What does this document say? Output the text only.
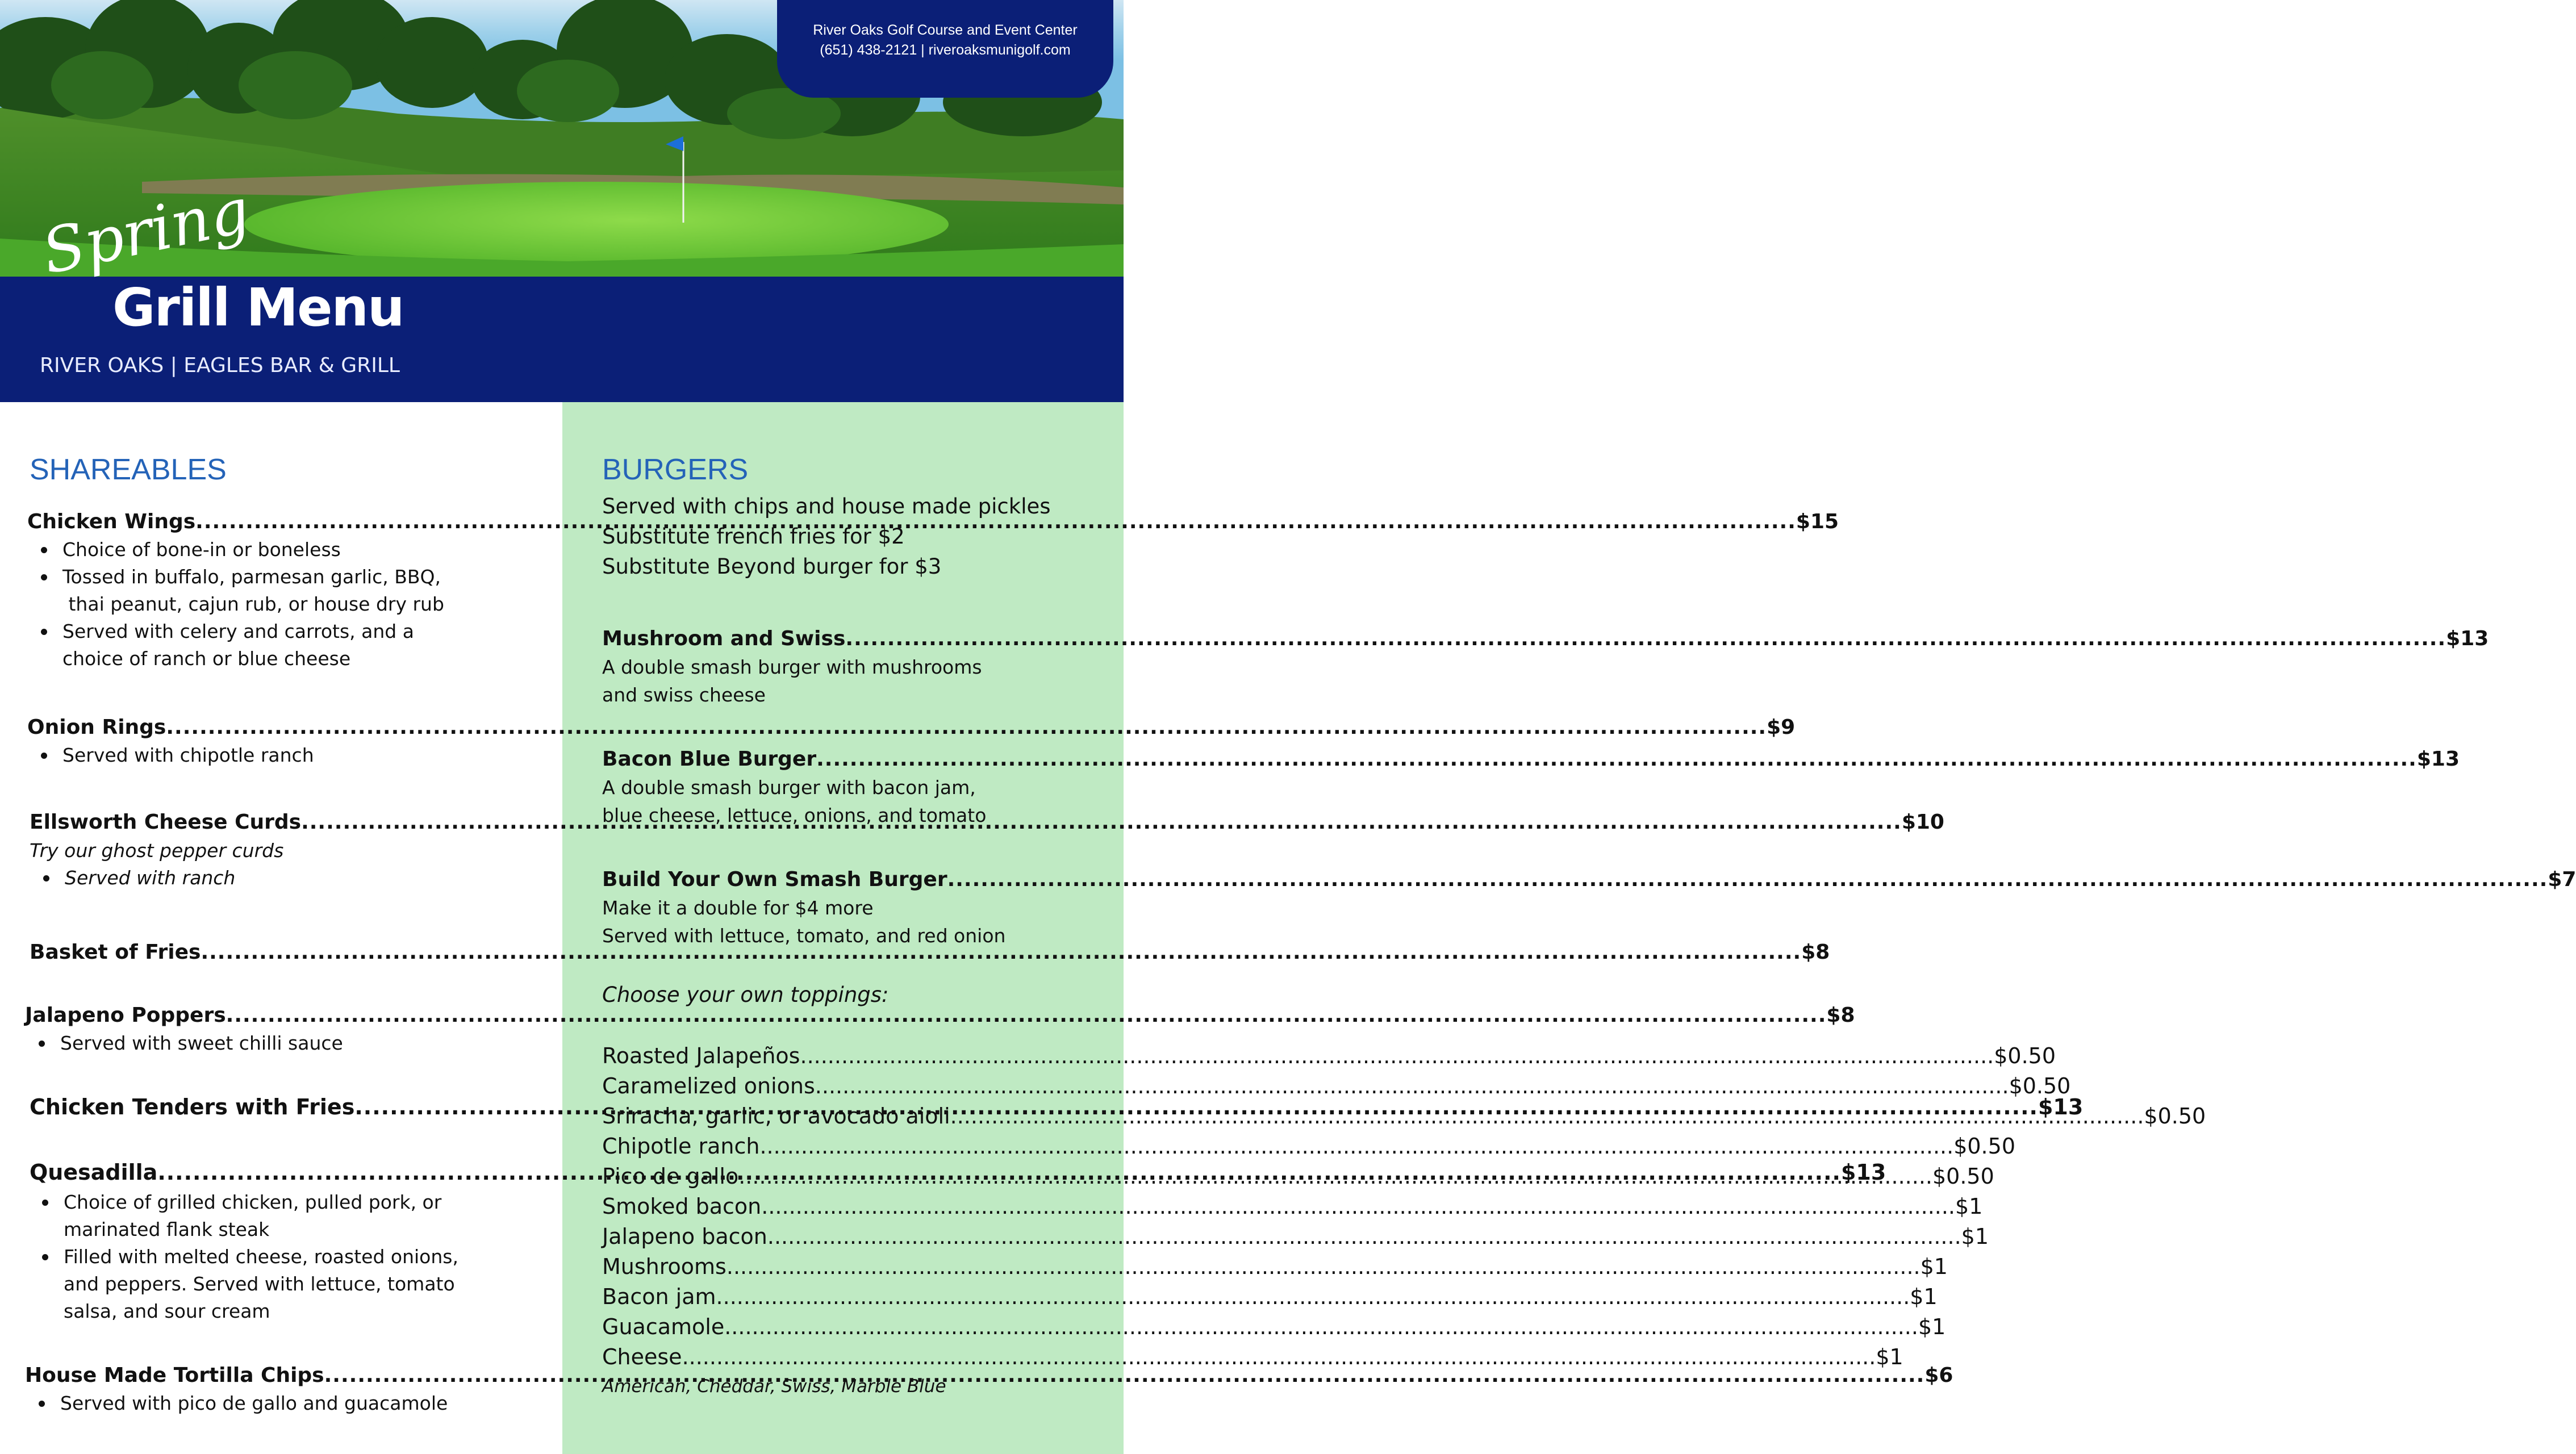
River Oaks Golf Course and Event Center
(651) 438-2121 | riveroaksmunigolf.com
Spring
Grill Menu
RIVER OAKS | EAGLES BAR & GRILL
SHAREABLES
Chicken Wings .....	$15
Choice of bone-in or boneless
Tossed in buffalo, parmesan garlic, BBQ,
thai peanut, cajun rub, or house dry rub
Served with celery and carrots, and a
choice of ranch or blue cheese
Onion Rings .....	$9
Served with chipotle ranch
Ellsworth Cheese Curds .....	$10
Try our ghost pepper curds
Served with ranch
Basket of Fries .....	$8
Jalapeno Poppers .....	$8
Served with sweet chilli sauce
Chicken Tenders with Fries .....	$13
Quesadilla .....	$13
Choice of grilled chicken, pulled pork, or
marinated flank steak
Filled with melted cheese, roasted onions,
and peppers. Served with lettuce, tomato
salsa, and sour cream
House Made Tortilla Chips .....	$6
Served with pico de gallo and guacamole
BURGERS
Served with chips and house made pickles
Substitute french fries for $2
Substitute Beyond burger for $3
Mushroom and Swiss .....	$13
A double smash burger with mushrooms
and swiss cheese
Bacon Blue Burger .....	$13
A double smash burger with bacon jam,
blue cheese, lettuce, onions, and tomato
Build Your Own Smash Burger .....	$7
Make it a double for $4 more
Served with lettuce, tomato, and red onion
Choose your own toppings:
Roasted Jalapeños .....	$0.50
Caramelized onions .....	$0.50
Sriracha, garlic, or avocado aioli .....	$0.50
Chipotle ranch .....	$0.50
Pico de gallo .....	$0.50
Smoked bacon .....	$1
Jalapeno bacon .....	$1
Mushrooms .....	$1
Bacon jam .....	$1
Guacamole .....	$1
Cheese .....	$1
American, Cheddar, Swiss, Marble Blue
